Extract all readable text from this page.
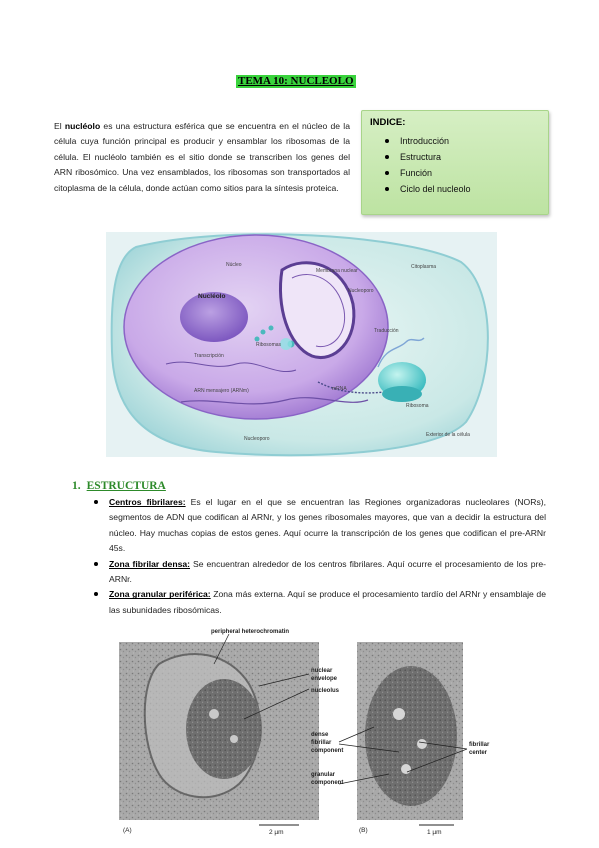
TEMA 10: NUCLEOLO
El nucléolo es una estructura esférica que se encuentra en el núcleo de la célula cuya función principal es producir y ensamblar los ribosomas de la célula. El nucléolo también es el sitio donde se transcriben los genes del ARN ribosómico. Una vez ensamblados, los ribosomas son transportados al citoplasma de la célula, donde actúan como sitios para la síntesis proteica.
INDICE:
Introducción
Estructura
Función
Ciclo del nucleolo
Núcleo
Membrana nuclear
Citoplasma
Nucléolo
Nucleoporo
Ribosomas
Traducción
Transcripción
ARN mensajero (ARNm)	mRNA
Ribosoma
Nucleoporo
Exterior de la célula
1. ESTRUCTURA
Centros fibrilares: Es el lugar en el que se encuentran las Regiones organizadoras nucleolares (NORs), segmentos de ADN que codifican al ARNr, y los genes ribosomales mayores, que van a decidir la estructura del núcleo. Hay muchas copias de estos genes. Aquí ocurre la transcripción de los genes que codifican el pre-ARNr 45s.
Zona fibrilar densa: Se encuentran alrededor de los centros fibrilares. Aquí ocurre el procesamiento de los pre-ARNr.
Zona granular periférica: Zona más externa. Aquí se produce el procesamiento tardío del ARNr y ensamblaje de las subunidades ribosómicas.
peripheral heterochromatin
nuclear
envelope
nucleolus
dense
fibrillar
component
granular
component
fibrillar
center
(A)	(B)
2 µm	1 µm
